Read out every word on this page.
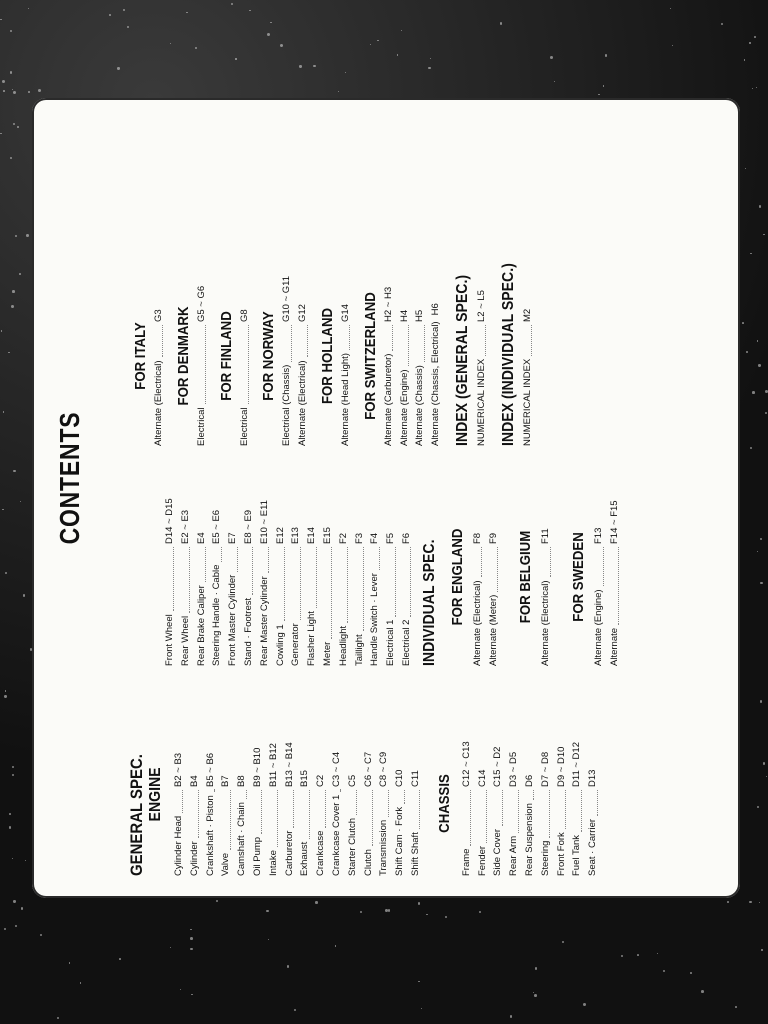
CONTENTS
GENERAL SPEC. ENGINE
Cylinder Head
B2 ~ B3
Cylinder
B4
Crankshaft · Piston
B5 ~ B6
Valve
B7
Camshaft · Chain
B8
Oil Pump
B9 ~ B10
Intake
B11 ~ B12
Carburetor
B13 ~ B14
Exhaust
B15
Crankcase
C2
Crankcase Cover 1
C3 ~ C4
Starter Clutch
C5
Clutch
C6 ~ C7
Transmission
C8 ~ C9
Shift Cam · Fork
C10
Shift Shaft
C11 CHASSIS
Frame
C12 ~ C13
Fender
C14
Side Cover
C15 ~ D2
Rear Arm
D3 ~ D5
Rear Suspension
D6
Steering
D7 ~ D8
Front Fork
D9 ~ D10
Fuel Tank
D11 ~ D12
Seat · Carrier
D13
Front Wheel
D14 ~ D15
Rear Wheel
E2 ~ E3
Rear Brake Caliper
E4
Steering Handle · Cable
E5 ~ E6
Front Master Cylinder
E7
Stand · Footrest
E8 ~ E9
Rear Master Cylinder
E10 ~ E11
Cowling 1
E12
Generator
E13
Flasher Light
E14
Meter
E15
Headlight
F2
Taillight
F3
Handle Switch · Lever
F4
Electrical 1
F5
Electrical 2
F6
INDIVIDUAL SPEC. FOR ENGLAND Alternate (Electrical)
F8
Alternate (Meter)
F9 FOR BELGIUM
Alternate (Electrical)
F11 FOR SWEDEN
Alternate (Engine)
F13
Alternate
F14 ~ F15
FOR ITALY
Alternate (Electrical)
G3 FOR DENMARK
Electrical
G5 ~ G6
FOR FINLAND
Electrical
G8 FOR NORWAY
Electrical (Chassis)
G10 ~ G11
Alternate (Electrical)
G12 FOR HOLLAND Alternate (Head Light)
G14 FOR SWITZERLAND Alternate (Carburetor)
H2 ~ H3
Alternate (Engine)
H4
Alternate (Chassis)
H5
Alternate (Chassis, Electrical)
H6 INDEX (GENERAL SPEC.) NUMERICAL INDEX
L2 ~ L5 INDEX (INDIVIDUAL SPEC.) NUMERICAL INDEX
M2
